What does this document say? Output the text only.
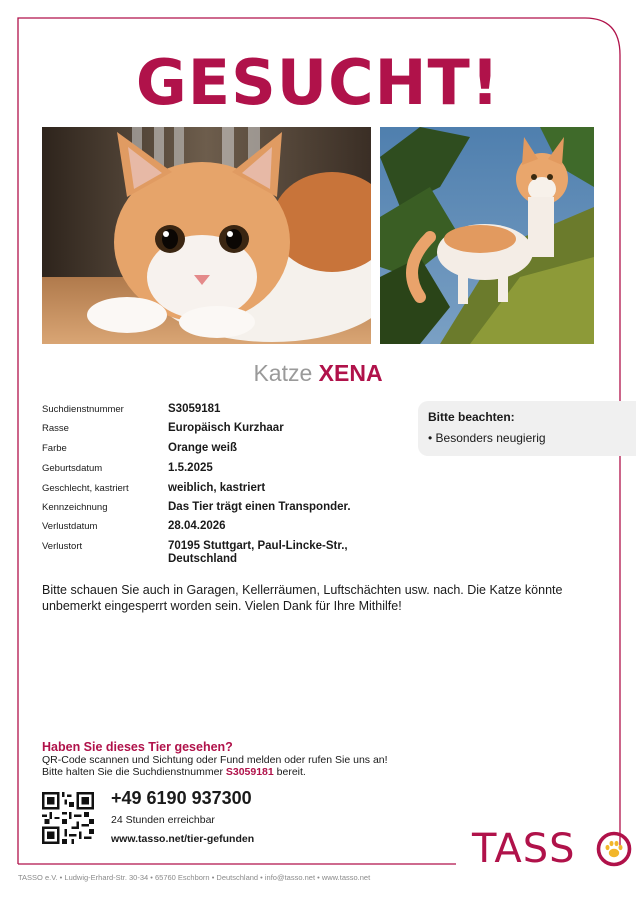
GESUCHT!
Katze XENA
Suchdienstnummer	S3059181
Rasse	Europäisch Kurzhaar
Farbe	Orange weiß
Geburtsdatum	1.5.2025
Geschlecht, kastriert	weiblich, kastriert
Kennzeichnung	Das Tier trägt einen Transponder.
Verlustdatum	28.04.2026
Verlustort	70195 Stuttgart, Paul-Lincke-Str., Deutschland
Bitte beachten:
• Besonders neugierig
Bitte schauen Sie auch in Garagen, Kellerräumen, Luftschächten usw. nach. Die Katze könnte unbemerkt eingesperrt worden sein. Vielen Dank für Ihre Mithilfe!
Haben Sie dieses Tier gesehen?
QR-Code scannen und Sichtung oder Fund melden oder rufen Sie uns an!
Bitte halten Sie die Suchdienstnummer S3059181 bereit.
+49 6190 937300
24 Stunden erreichbar
www.tasso.net/tier-gefunden	TASS
TASSO e.V. • Ludwig-Erhard-Str. 30-34 • 65760 Eschborn • Deutschland • info@tasso.net • www.tasso.net
